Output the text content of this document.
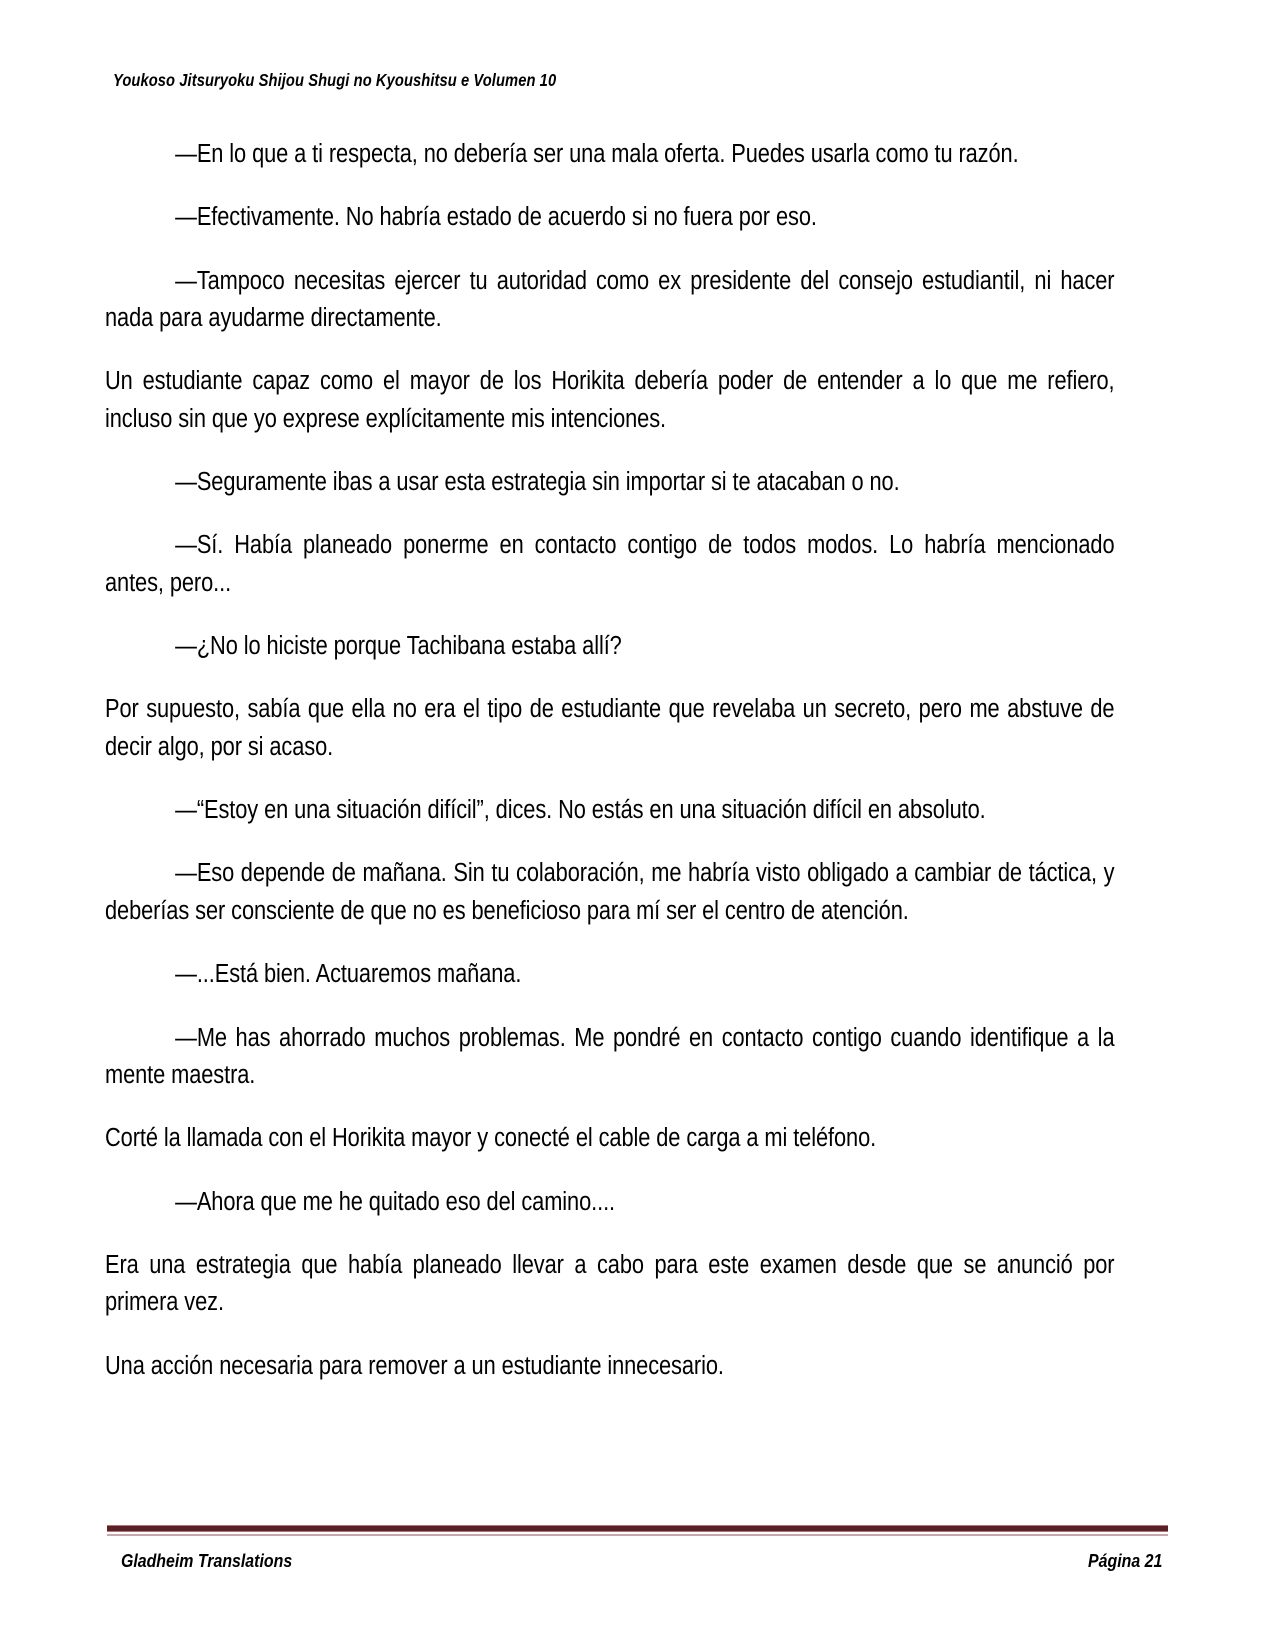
Youkoso Jitsuryoku Shijou Shugi no Kyoushitsu e Volumen 10

—En lo que a ti respecta, no debería ser una mala oferta. Puedes usarla como tu razón.

—Efectivamente. No habría estado de acuerdo si no fuera por eso.

—Tampoco necesitas ejercer tu autoridad como ex presidente del consejo estudiantil, ni hacer nada para ayudarme directamente.

Un estudiante capaz como el mayor de los Horikita debería poder de entender a lo que me refiero, incluso sin que yo exprese explícitamente mis intenciones.

—Seguramente ibas a usar esta estrategia sin importar si te atacaban o no.

—Sí. Había planeado ponerme en contacto contigo de todos modos. Lo habría mencionado antes, pero...

—¿No lo hiciste porque Tachibana estaba allí?

Por supuesto, sabía que ella no era el tipo de estudiante que revelaba un secreto, pero me abstuve de decir algo, por si acaso.

—“Estoy en una situación difícil”, dices. No estás en una situación difícil en absoluto.

—Eso depende de mañana. Sin tu colaboración, me habría visto obligado a cambiar de táctica, y deberías ser consciente de que no es beneficioso para mí ser el centro de atención.

—...Está bien. Actuaremos mañana.

—Me has ahorrado muchos problemas. Me pondré en contacto contigo cuando identifique a la mente maestra.

Corté la llamada con el Horikita mayor y conecté el cable de carga a mi teléfono.

—Ahora que me he quitado eso del camino....

Era una estrategia que había planeado llevar a cabo para este examen desde que se anunció por primera vez.

Una acción necesaria para remover a un estudiante innecesario.

Gladheim Translations	Página 21
